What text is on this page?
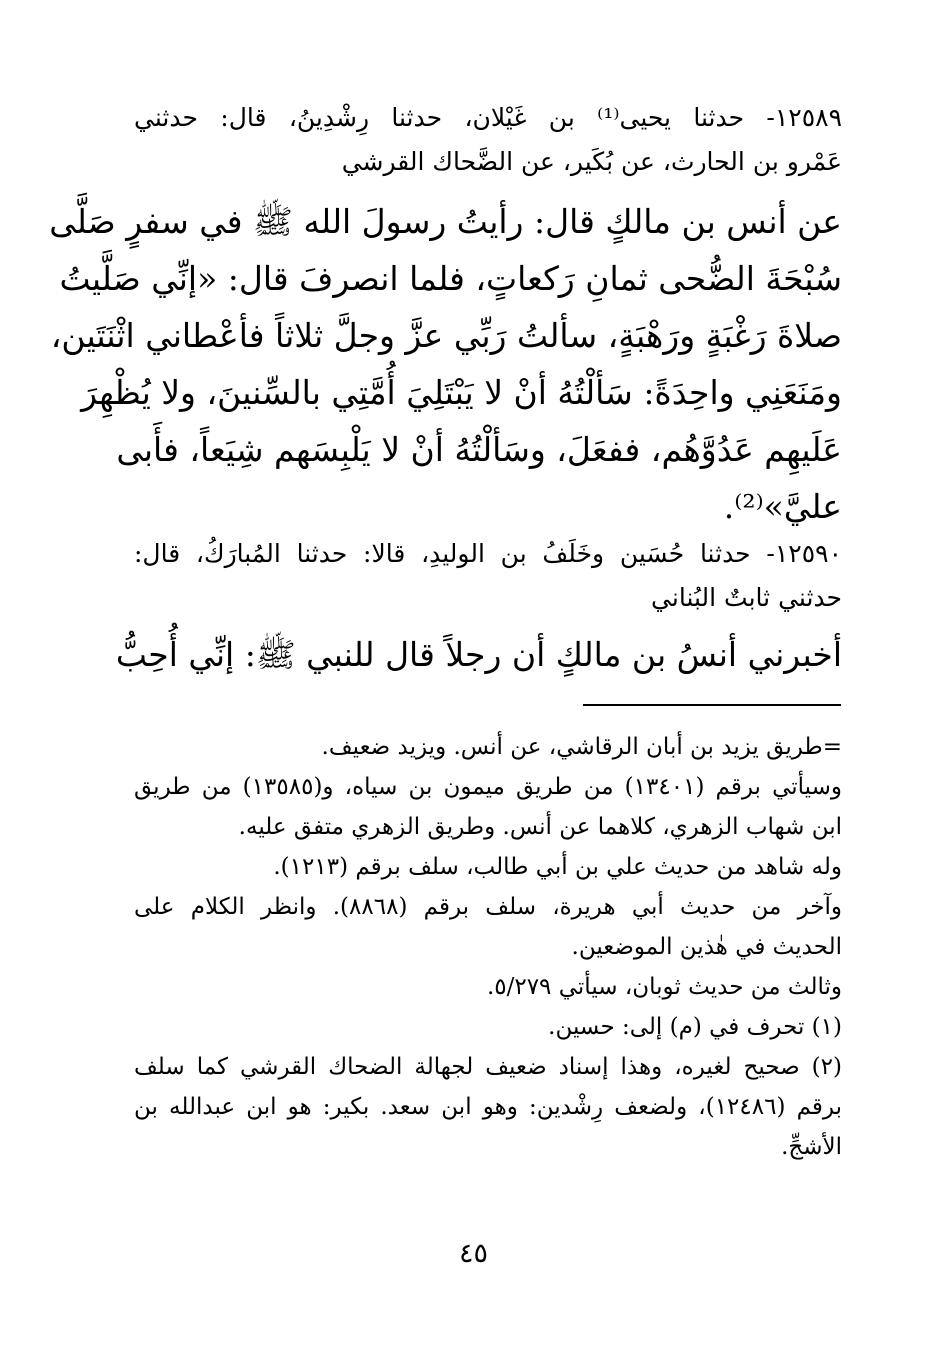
١٢٥٨٩- حدثنا يحيى⁽¹⁾ بن غَيْلان، حدثنا رِشْدِينُ، قال: حدثني
عَمْرو بن الحارث، عن بُكَير، عن الضَّحاك القرشي
عن أنس بن مالكٍ قال: رأيتُ رسولَ الله ﷺ في سفرٍ صَلَّى
سُبْحَةَ الضُّحى ثمانِ رَكعاتٍ، فلما انصرفَ قال: «إنِّي صَلَّيتُ
صلاةَ رَغْبَةٍ ورَهْبَةٍ، سألتُ رَبِّي عزَّ وجلَّ ثلاثاً فأعْطاني اثْنَتَين،
ومَنَعَنِي واحِدَةً: سَألْتُهُ أنْ لا يَبْتَلِيَ أُمَّتِي بالسِّنينَ، ولا يُظْهِرَ
عَلَيهِم عَدُوَّهُم، ففعَلَ، وسَألْتُهُ أنْ لا يَلْبِسَهم شِيَعاً، فأَبى
عليَّ»⁽²⁾.
١٢٥٩٠- حدثنا حُسَين وخَلَفُ بن الوليدِ، قالا: حدثنا المُبارَكُ، قال:
حدثني ثابتٌ البُناني
أخبرني أنسُ بن مالكٍ أن رجلاً قال للنبي ﷺ: إنِّي أُحِبُّ
=طريق يزيد بن أبان الرقاشي، عن أنس. ويزيد ضعيف.
وسيأتي برقم (١٣٤٠١) من طريق ميمون بن سياه، و(١٣٥٨٥) من طريق
ابن شهاب الزهري، كلاهما عن أنس. وطريق الزهري متفق عليه.
وله شاهد من حديث علي بن أبي طالب، سلف برقم (١٢١٣).
وآخر من حديث أبي هريرة، سلف برقم (٨٨٦٨). وانظر الكلام على
الحديث في هٰذين الموضعين.
وثالث من حديث ثوبان، سيأتي ٥/٢٧٩.
(١) تحرف في (م) إلى: حسين.
(٢) صحيح لغيره، وهذا إسناد ضعيف لجهالة الضحاك القرشي كما سلف
برقم (١٢٤٨٦)، ولضعف رِشْدين: وهو ابن سعد. بكير: هو ابن عبدالله بن
الأشجِّ.
٤٥
